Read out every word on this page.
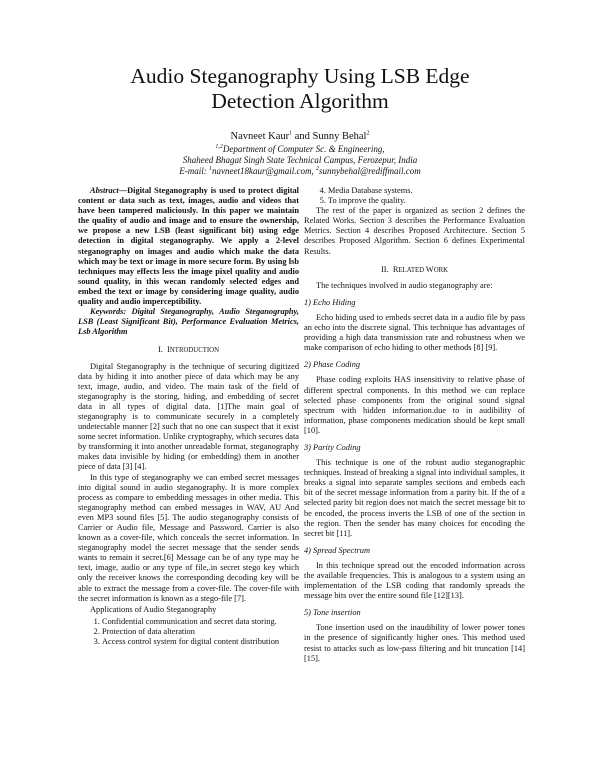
Audio Steganography Using LSB Edge
Detection Algorithm
Navneet Kaur$^1$ and Sunny Behal$^2$
$^{1,2}$Department of Computer Sc. & Engineering,
Shaheed Bhagat Singh State Technical Campus, Ferozepur, India
E-mail: $^1$navneet18kaur@gmail.com, $^2$sunnybehal@rediffmail.com

Abstract—Digital Steganography is used to protect digital content or data such as text, images, audio and videos that have been tampered maliciously. In this paper we maintain the quality of audio and image and to ensure the ownership, we propose a new LSB (least significant bit) using edge detection in digital steganography. We apply a 2-level steganography on images and audio which make the data which may be text or image in more secure form. By using lsb techniques may effects less the image pixel quality and audio sound quality, in this wecan randomly selected edges and embed the text or image by considering image quality, audio quality and audio imperceptibility.

Keywords: Digital Steganography, Audio Steganography, LSB (Least Significant Bit), Performance Evaluation Metrics, Lsb Algorithm

I. INTRODUCTION

Digital Steganography is the technique of securing digitized data by hiding it into another piece of data which may be any text, image, audio, and video. The main task of the field of steganography is the storing, hiding, and embedding of secret data in all types of digital data. [1]The main goal of steganography is to communicate securely in a completely undetectable manner [2] such that no one can suspect that it exist some secret information. Unlike cryptography, which secures data by transforming it into another unreadable format, steganography makes data invisible by hiding (or embedding) them in another piece of data [3] [4].

In this type of steganography we can embed secret messages into digital sound in audio steganography. It is more complex process as compare to embedding messages in other media. This steganography method can embed messages in WAV, AU And even MP3 sound files [5]. The audio steganography consists of Carrier or Audio file, Message and Password. Carrier is also known as a cover-file, which conceals the secret information. In steganography model the secret message that the sender sends wants to remain it secret.[6] Message can be of any type may be text, image, audio or any type of file,.in secret stego key which only the receiver knows the corresponding decoding key will be able to extract the message from a cover-file. The cover-file with the secret information is known as a stego-file [7].

Applications of Audio Steganography

1. Confidential communication and secret data storing.
2. Protection of data alteration
3. Access control system for digital content distribution
4. Media Database systems.
5. To improve the quality.

The rest of the paper is organized as section 2 defines the Related Works. Section 3 describes the Performance Evaluation Metrics. Section 4 describes Proposed Architecture. Section 5 describes Proposed Algorithm. Section 6 defines Experimental Results.

II. RELATED WORK

The techniques involved in audio steganography are:

1) Echo Hiding

Echo hiding used to embeds secret data in a audio file by pass an echo into the discrete signal. This technique has advantages of providing a high data transmission rate and robustness when we make comparison of echo hiding to other methods [8] [9].

2) Phase Coding

Phase coding exploits HAS insensitivity to relative phase of different spectral components. In this method we can replace selected phase components from the original sound signal spectrum with hidden information.due to in audibility of information, phase components medication should be kept small [10].

3) Parity Coding

This technique is one of the robust audio steganographic techniques. Instead of breaking a signal into individual samples, it breaks a signal into separate samples sections and embeds each bit of the secret message information from a parity bit. If the of a selected parity bit region does not match the secret message bit to be encoded, the process inverts the LSB of one of the section in the region. Then the sender has many choices for encoding the secret bit [11].

4) Spread Spectrum

In this technique spread out the encoded information across the available frequencies. This is analogous to a system using an implementation of the LSB coding that randomly spreads the message bits over the entire sound file [12][13].

5) Tone insertion

Tone insertion used on the inaudibility of lower power tones in the presence of significantly higher ones. This method used resist to attacks such as low-pass filtering and bit truncation [14][15].
